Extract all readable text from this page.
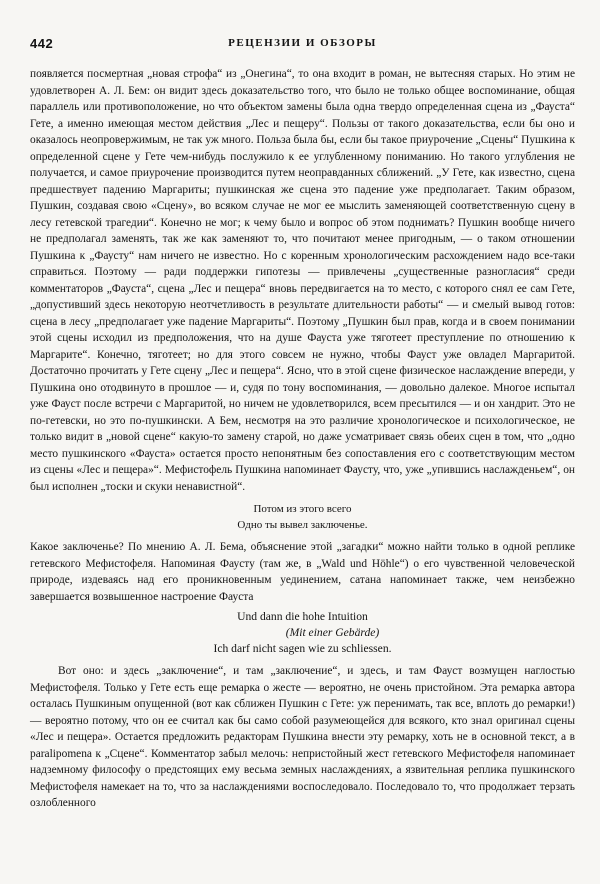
442	РЕЦЕНЗИИ И ОБЗОРЫ

появляется посмертная „новая строфа“ из „Онегина“, то она входит в роман, не вытесняя старых. Но этим не удовлетворен А. Л. Бем: он видит здесь доказательство того, что было не только общее воспоминание, общая параллель или противоположение, но что объектом замены была одна твердо определенная сцена из „Фауста“ Гете, а именно имеющая местом действия „Лес и пещеру“. Пользы от такого доказательства, если бы оно и оказалось неопровержимым, не так уж много. Польза была бы, если бы такое приурочение „Сцены“ Пушкина к определенной сцене у Гете чем-нибудь послужило к ее углубленному пониманию. Но такого углубления не получается, и самое приурочение производится путем неоправданных сближений. „У Гете, как известно, сцена предшествует падению Маргариты; пушкинская же сцена это падение уже предполагает. Таким образом, Пушкин, создавая свою «Сцену», во всяком случае не мог ее мыслить заменяющей соответственную сцену в лесу гетевской трагедии“. Конечно не мог; к чему было и вопрос об этом поднимать? Пушкин вообще ничего не предполагал заменять, так же как заменяют то, что почитают менее пригодным, — о таком отношении Пушкина к „Фаусту“ нам ничего не известно. Но с коренным хронологическим расхождением надо все-таки справиться. Поэтому — ради поддержки гипотезы — привлечены „существенные разногласия“ среди комментаторов „Фауста“, сцена „Лес и пещера“ вновь передвигается на то место, с которого снял ее сам Гете, „допустивший здесь некоторую неотчетливость в результате длительности работы“ — и смелый вывод готов: сцена в лесу „предполагает уже падение Маргариты“. Поэтому „Пушкин был прав, когда и в своем понимании этой сцены исходил из предположения, что на душе Фауста уже тяготеет преступление по отношению к Маргарите“. Конечно, тяготеет; но для этого совсем не нужно, чтобы Фауст уже овладел Маргаритой. Достаточно прочитать у Гете сцену „Лес и пещера“. Ясно, что в этой сцене физическое наслаждение впереди, у Пушкина оно отодвинуто в прошлое — и, судя по тону воспоминания, — довольно далекое. Многое испытал уже Фауст после встречи с Маргаритой, но ничем не удовлетворился, всем пресытился — и он хандрит. Это не по-гетевски, но это по-пушкински. А Бем, несмотря на это различие хронологическое и психологическое, не только видит в „новой сцене“ какую-то замену старой, но даже усматривает связь обеих сцен в том, что „одно место пушкинского «Фауста» остается просто непонятным без сопоставления его с соответствующим местом из сцены «Лес и пещера»“. Мефистофель Пушкина напоминает Фаусту, что, уже „упившись наслажденьем“, он был исполнен „тоски и скуки ненавистной“.

Потом из этого всего
Одно ты вывел заключенье.

Какое заключенье? По мнению А. Л. Бема, объяснение этой „загадки“ можно найти только в одной реплике гетевского Мефистофеля. Напоминая Фаусту (там же, в „Wald und Höhle“) о его чувственной человеческой природе, издеваясь над его проникновенным уединением, сатана напоминает также, чем неизбежно завершается возвышенное настроение Фауста

Und dann die hohe Intuition
(Mit einer Gebärde)
Ich darf nicht sagen wie zu schliessen.

Вот оно: и здесь „заключение“, и там „заключение“, и здесь, и там Фауст возмущен наглостью Мефистофеля. Только у Гете есть еще ремарка о жесте — вероятно, не очень пристойном. Эта ремарка автора осталась Пушкиным опущенной (вот как сближен Пушкин с Гете: уж перенимать, так все, вплоть до ремарки!) — вероятно потому, что он ее считал как бы само собой разумеющейся для всякого, кто знал оригинал сцены «Лес и пещера». Остается предложить редакторам Пушкина внести эту ремарку, хоть не в основной текст, а в paralipomena к „Сцене“. Комментатор забыл мелочь: непристойный жест гетевского Мефистофеля напоминает надземному философу о предстоящих ему весьма земных наслаждениях, а язвительная реплика пушкинского Мефистофеля намекает на то, что за наслаждениями воспоследовало. Последовало то, что продолжает терзать озлобленного
